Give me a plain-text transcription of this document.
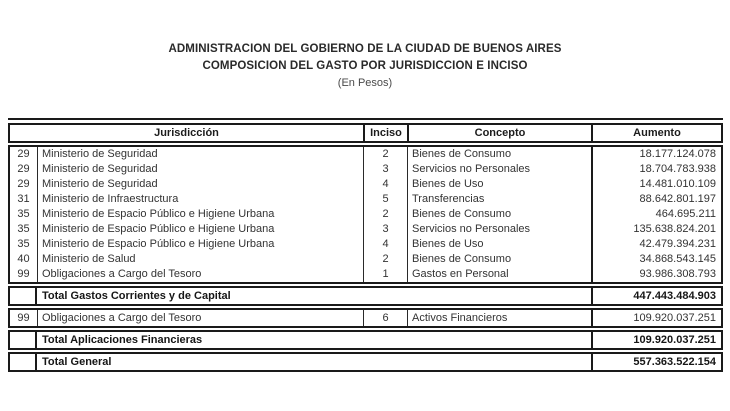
ADMINISTRACION DEL GOBIERNO DE LA CIUDAD DE BUENOS AIRES
COMPOSICION DEL GASTO POR JURISDICCION E INCISO
(En Pesos)
Jurisdicción	Inciso	Concepto	Aumento
29	Ministerio de Seguridad	2	Bienes de Consumo	18.177.124.078
29	Ministerio de Seguridad	3	Servicios no Personales	18.704.783.938
29	Ministerio de Seguridad	4	Bienes de Uso	14.481.010.109
31	Ministerio de Infraestructura	5	Transferencias	88.642.801.197
35	Ministerio de Espacio Público e Higiene Urbana	2	Bienes de Consumo	464.695.211
35	Ministerio de Espacio Público e Higiene Urbana	3	Servicios no Personales	135.638.824.201
35	Ministerio de Espacio Público e Higiene Urbana	4	Bienes de Uso	42.479.394.231
40	Ministerio de Salud	2	Bienes de Consumo	34.868.543.145
99	Obligaciones a Cargo del Tesoro	1	Gastos en Personal	93.986.308.793
Total Gastos Corrientes y de Capital	447.443.484.903
99	Obligaciones a Cargo del Tesoro	6	Activos Financieros	109.920.037.251
Total Aplicaciones Financieras	109.920.037.251
Total General	557.363.522.154
